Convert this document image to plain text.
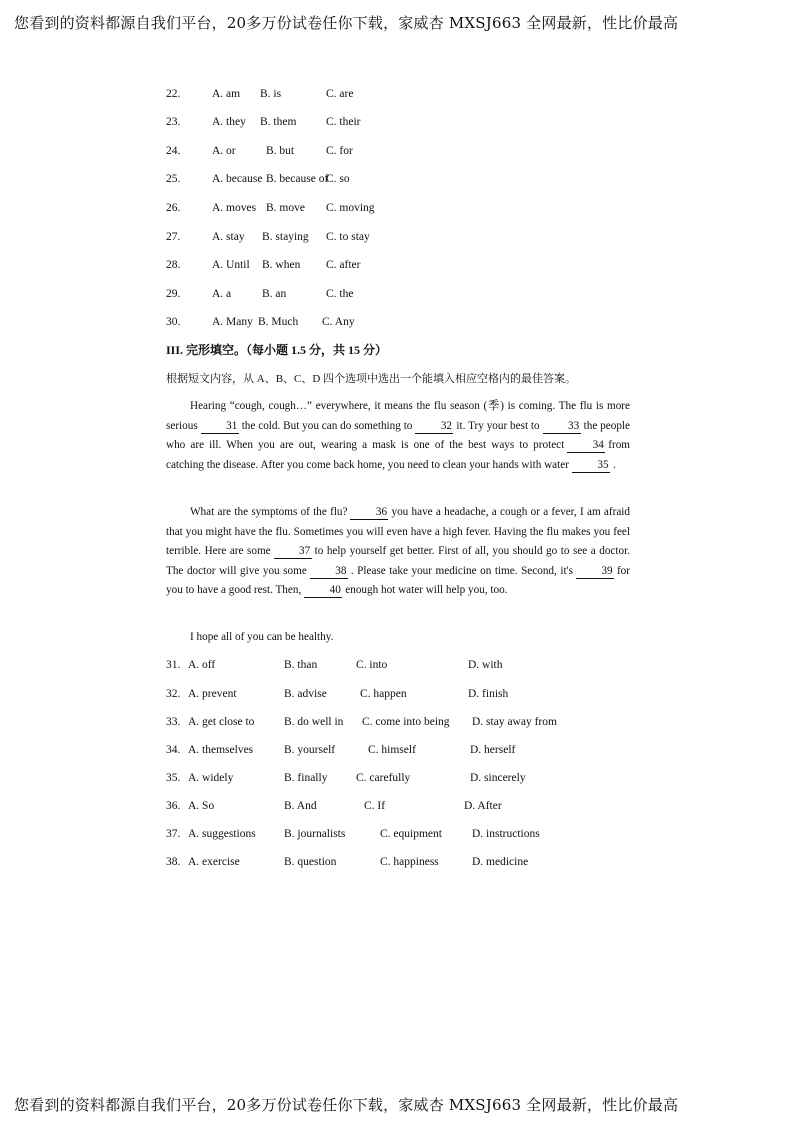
您看到的资料都源自我们平台，20多万份试卷任你下载，家威杏 MXSJ663 全网最新，性比价最高
22.	A. am B. is	C. are
23.	A. they B. them	C. their
24.	A. or	B. but	C. for
25.	A. because B. because ofC. so
26.	A. moves B. move C. moving
27.	A. stay B. staying C. to stay
28.	A. Until B. when C. after
29.	A. a	B. an	C. the
30.	A. Many B. Much C. Any
III. 完形填空。（每小题 1.5 分，共 15 分）
根据短文内容，从 A、B、C、D 四个选项中选出一个能填入相应空格内的最佳答案。

Hearing “cough, cough…” everywhere, it means the flu season (季) is coming. The flu is more serious	31 the cold. But you can do something to	32 it. Try your best to	33 the people who are ill. When you are out, wearing a mask is one of the best ways to protect	34 from catching the disease. After you come back home, you need to clean your hands with water	35 .

What are the symptoms of the flu?	36 you have a headache, a cough or a fever, I am afraid that you might have the flu. Sometimes you will even have a high fever. Having the flu makes you feel terrible. Here are some	37 to help yourself get better. First of all, you should go to see a doctor. The doctor will give you some	38 . Please take your medicine on time. Second, it's	39 for you to have a good rest. Then,	40 enough hot water will help you, too.

I hope all of you can be healthy.

31. A. off	B. than	C. into	D. with
32. A. prevent	B. advise	C. happen	D. finish
33. A. get close to	B. do well in C. come into being D. stay away from
34. A. themselves	B. yourself	C. himself	D. herself
35. A. widely	B. finally C. carefully	D. sincerely
36. A. So	B. And	C. If	D. After
37. A. suggestions B. journalists	C. equipment	D. instructions
38. A. exercise	B. question	C. happiness	D. medicine
您看到的资料都源自我们平台，20多万份试卷任你下载，家威杏 MXSJ663 全网最新，性比价最高
